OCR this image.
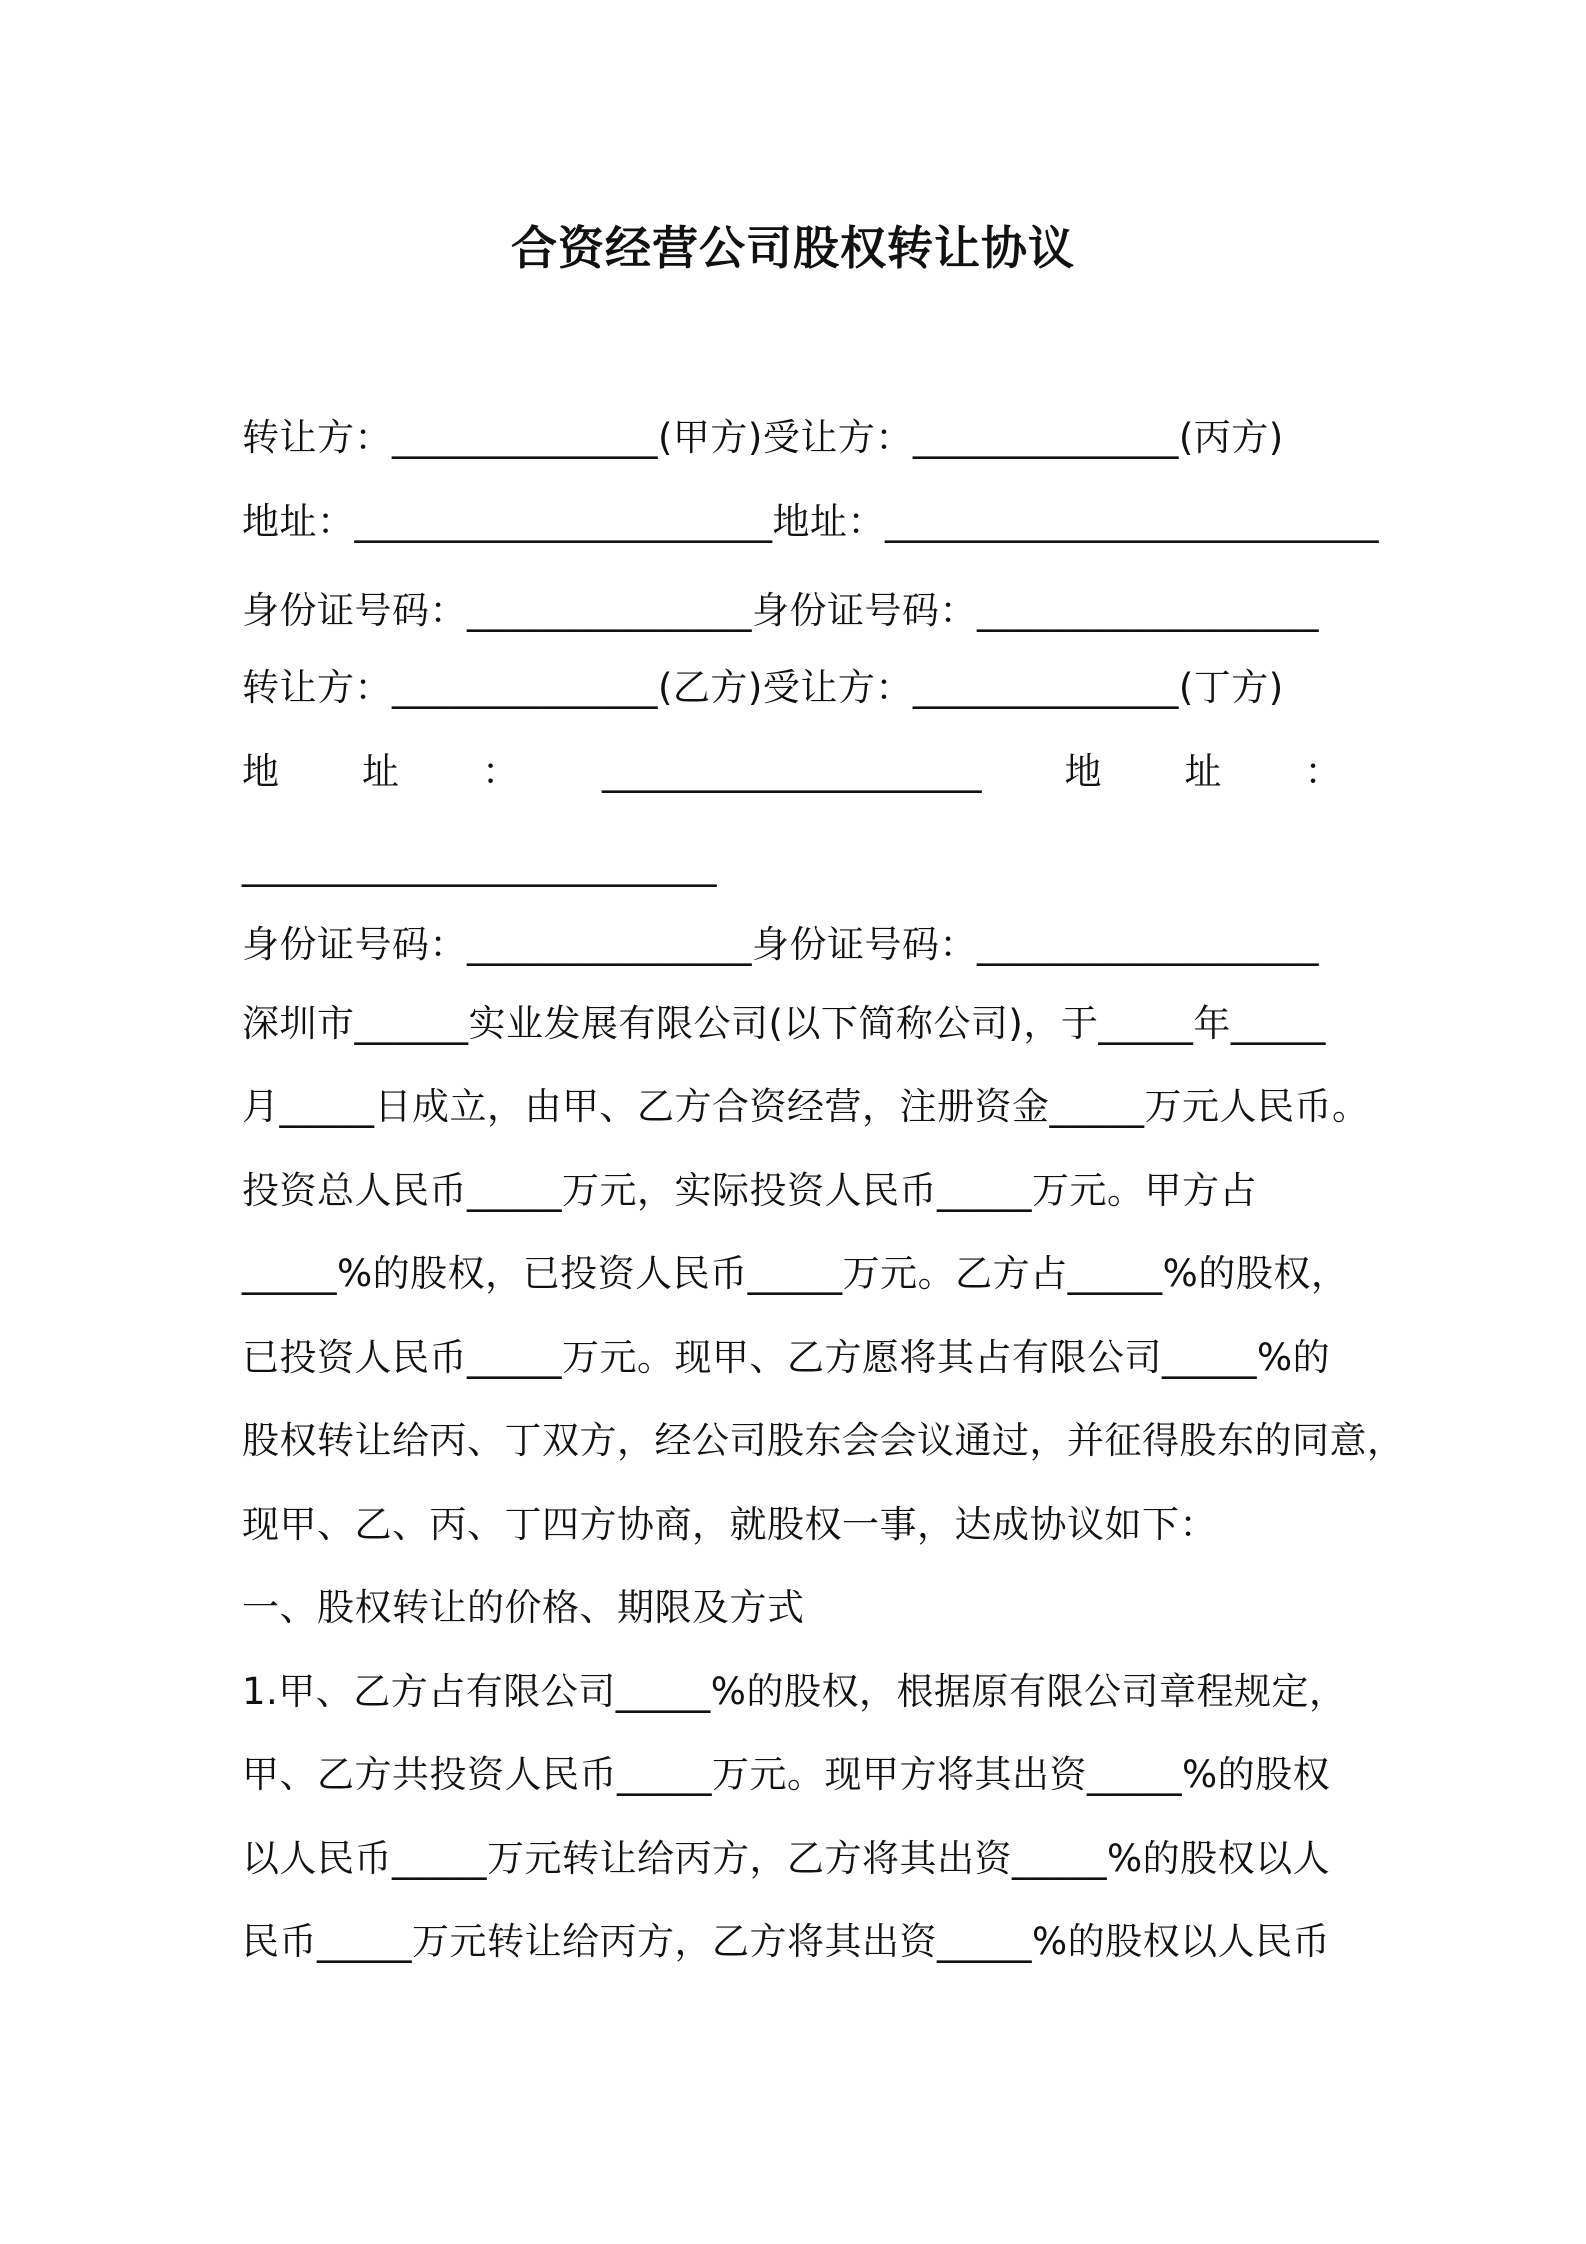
合资经营公司股权转让协议
转让方：______________(甲方)受让方：______________(丙方)
地址：______________________地址：__________________________
身份证号码：_______________身份证号码：__________________
转让方：______________(乙方)受让方：______________(丁方)
地 址 ： ____________________ 地 址 ：
_________________________
身份证号码：_______________身份证号码：__________________
深圳市______实业发展有限公司(以下简称公司)，于_____年_____
月_____日成立，由甲、乙方合资经营，注册资金_____万元人民币。
投资总人民币_____万元，实际投资人民币_____万元。甲方占
_____%的股权，已投资人民币_____万元。乙方占_____%的股权，
已投资人民币_____万元。现甲、乙方愿将其占有限公司_____%的
股权转让给丙、丁双方，经公司股东会会议通过，并征得股东的同意，
现甲、乙、丙、丁四方协商，就股权一事，达成协议如下：
一、股权转让的价格、期限及方式
1.甲、乙方占有限公司_____%的股权，根据原有限公司章程规定，
甲、乙方共投资人民币_____万元。现甲方将其出资_____%的股权
以人民币_____万元转让给丙方，乙方将其出资_____%的股权以人
民币_____万元转让给丙方，乙方将其出资_____%的股权以人民币
